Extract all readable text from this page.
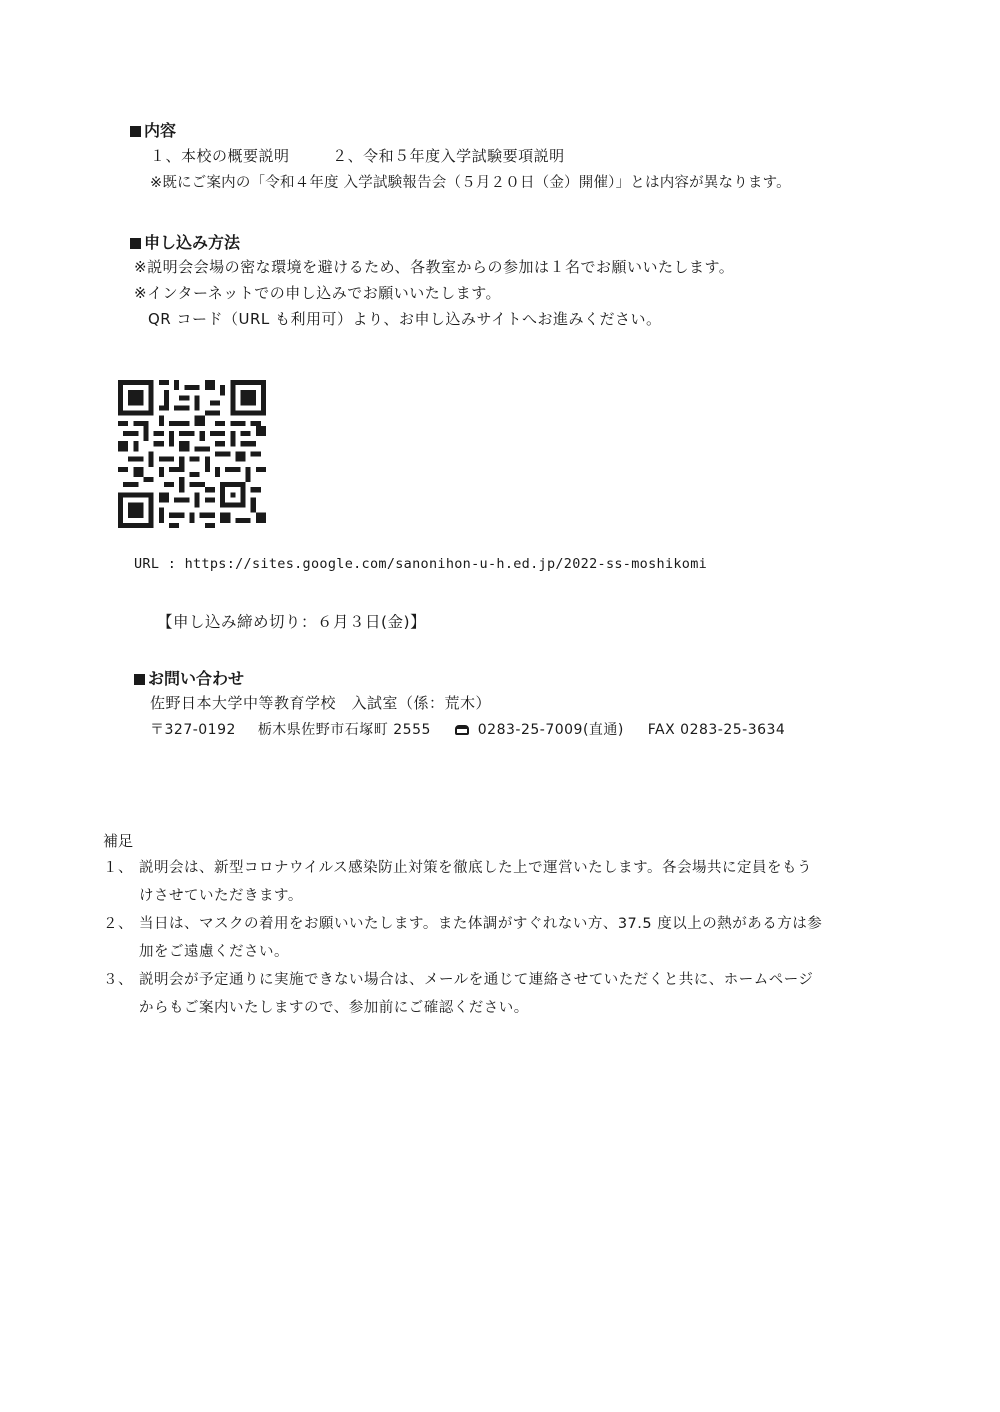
内容
１、本校の概要説明	２、令和５年度入学試験要項説明
※既にご案内の「令和４年度 入学試験報告会（５月２０日（金）開催）」とは内容が異なります。
申し込み方法
※説明会会場の密な環境を避けるため、各教室からの参加は１名でお願いいたします。
※インターネットでの申し込みでお願いいたします。
QR コード（URL も利用可）より、お申し込みサイトへお進みください。
URL : https://sites.google.com/sanonihon-u-h.ed.jp/2022-ss-moshikomi
【申し込み締め切り：６月３日(金)】
お問い合わせ
佐野日本大学中等教育学校　入試室（係：荒木）
〒327-0192 栃木県佐野市石塚町 2555	0283-25-7009(直通) FAX 0283-25-3634
補足
１、 説明会は、新型コロナウイルス感染防止対策を徹底した上で運営いたします。各会場共に定員をもう
けさせていただきます。
２、 当日は、マスクの着用をお願いいたします。また体調がすぐれない方、37.5 度以上の熱がある方は参
加をご遠慮ください。
３、 説明会が予定通りに実施できない場合は、メールを通じて連絡させていただくと共に、ホームページ
からもご案内いたしますので、参加前にご確認ください。
